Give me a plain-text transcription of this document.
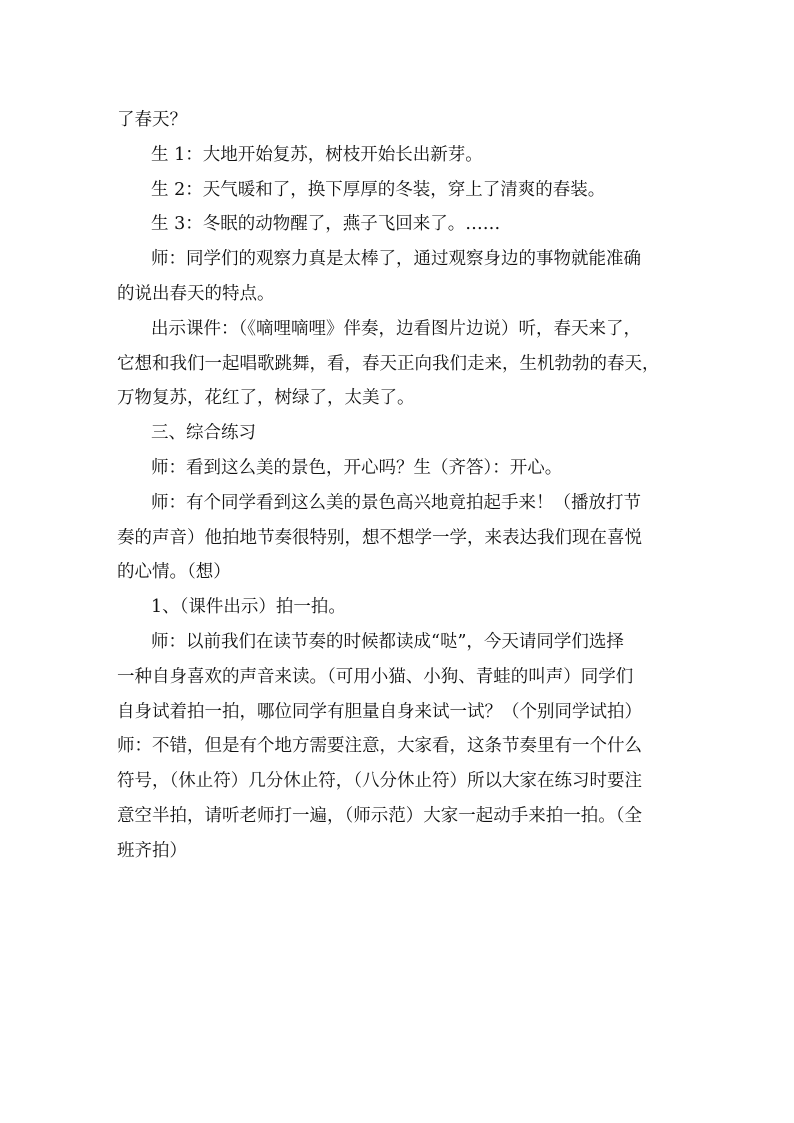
了春天？
生 1：大地开始复苏，树枝开始长出新芽。
生 2：天气暖和了，换下厚厚的冬装，穿上了清爽的春装。
生 3：冬眠的动物醒了，燕子飞回来了。……
师：同学们的观察力真是太棒了，通过观察身边的事物就能准确
的说出春天的特点。
出示课件：（《嘀哩嘀哩》伴奏，边看图片边说）听，春天来了，
它想和我们一起唱歌跳舞，看，春天正向我们走来，生机勃勃的春天，
万物复苏，花红了，树绿了，太美了。
三、综合练习
师：看到这么美的景色，开心吗？生（齐答）：开心。
师：有个同学看到这么美的景色高兴地竟拍起手来！（播放打节
奏的声音）他拍地节奏很特别，想不想学一学，来表达我们现在喜悦
的心情。（想）
1、（课件出示）拍一拍。
师：以前我们在读节奏的时候都读成“哒”，今天请同学们选择
一种自身喜欢的声音来读。（可用小猫、小狗、青蛙的叫声）同学们
自身试着拍一拍，哪位同学有胆量自身来试一试？（个别同学试拍）
师：不错，但是有个地方需要注意，大家看，这条节奏里有一个什么
符号，（休止符）几分休止符，（八分休止符）所以大家在练习时要注
意空半拍，请听老师打一遍，（师示范）大家一起动手来拍一拍。（全
班齐拍）
